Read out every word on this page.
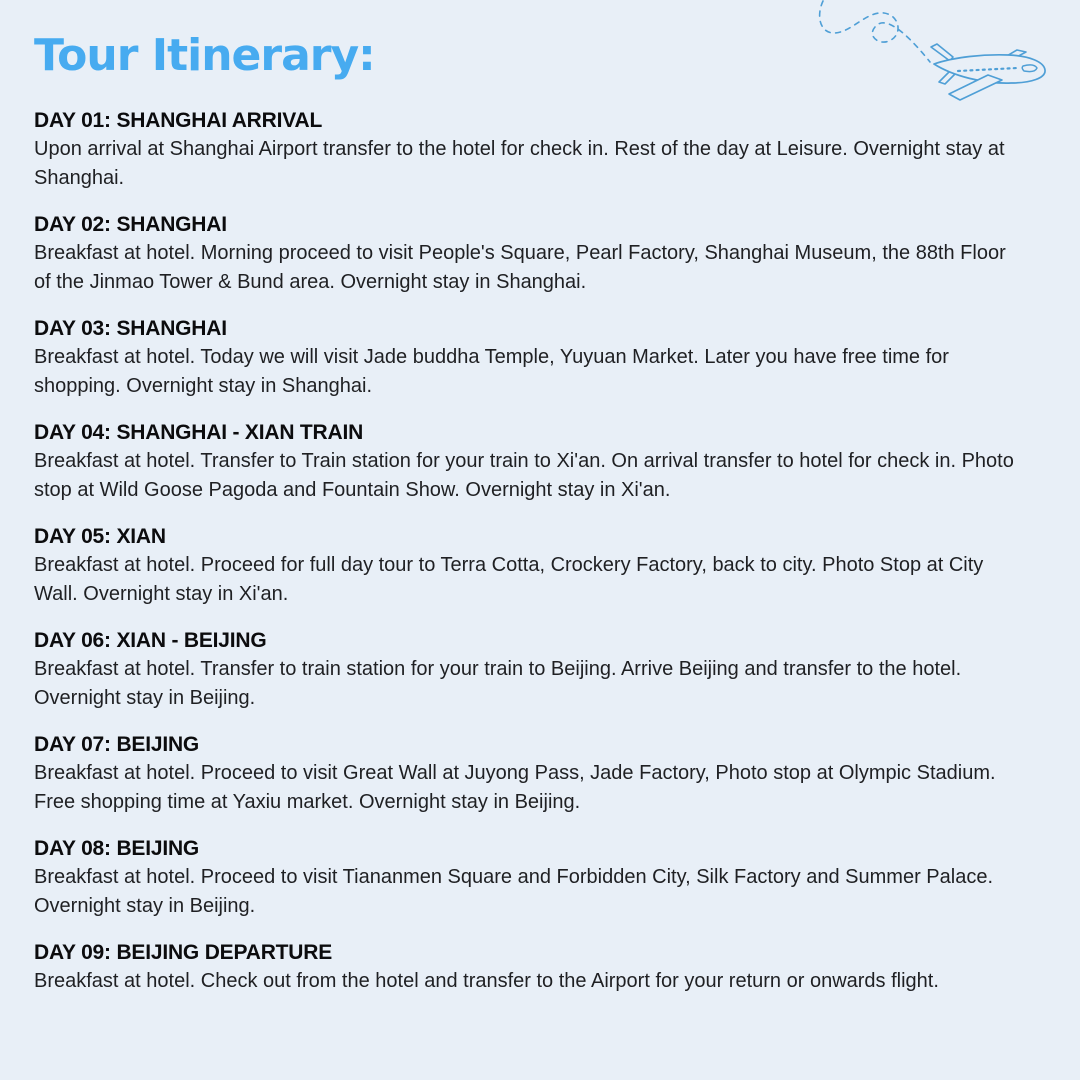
Tour Itinerary:
DAY 01: SHANGHAI ARRIVAL

Upon arrival at Shanghai Airport transfer to the hotel for check in. Rest of the day at Leisure. Overnight stay at Shanghai.

DAY 02: SHANGHAI

Breakfast at hotel. Morning proceed to visit People's Square, Pearl Factory, Shanghai Museum, the 88th Floor of the Jinmao Tower & Bund area. Overnight stay in Shanghai.

DAY 03: SHANGHAI

Breakfast at hotel. Today we will visit Jade buddha Temple, Yuyuan Market. Later you have free time for shopping. Overnight stay in Shanghai.

DAY 04: SHANGHAI - XIAN TRAIN

Breakfast at hotel. Transfer to Train station for your train to Xi'an. On arrival transfer to hotel for check in. Photo stop at Wild Goose Pagoda and Fountain Show. Overnight stay in Xi'an.

DAY 05: XIAN

Breakfast at hotel. Proceed for full day tour to Terra Cotta, Crockery Factory, back to city. Photo Stop at City Wall. Overnight stay in Xi'an.

DAY 06: XIAN - BEIJING

Breakfast at hotel. Transfer to train station for your train to Beijing. Arrive Beijing and transfer to the hotel. Overnight stay in Beijing.

DAY 07: BEIJING

Breakfast at hotel. Proceed to visit Great Wall at Juyong Pass, Jade Factory, Photo stop at Olympic Stadium. Free shopping time at Yaxiu market. Overnight stay in Beijing.

DAY 08: BEIJING

Breakfast at hotel. Proceed to visit Tiananmen Square and Forbidden City, Silk Factory and Summer Palace. Overnight stay in Beijing.

DAY 09: BEIJING DEPARTURE

Breakfast at hotel. Check out from the hotel and transfer to the Airport for your return or onwards flight.
